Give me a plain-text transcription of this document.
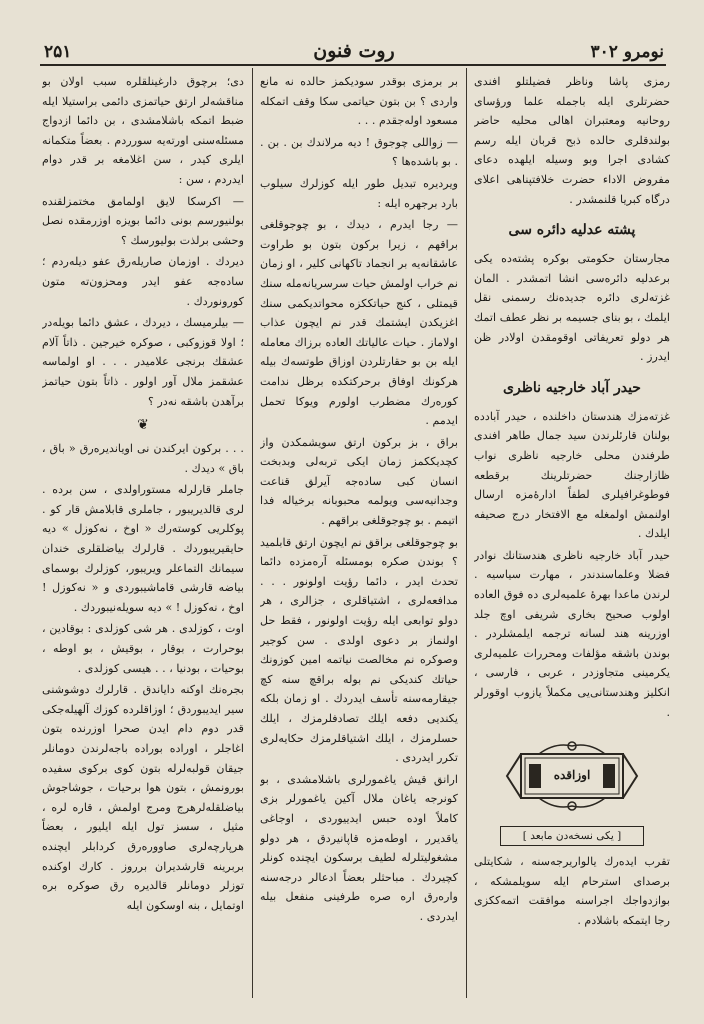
نومرو ۳۰۲
روت فنون
۲۵۱

رمزی پاشا وناظر فضیلتلو افندی حضرتلری ایله باجمله علما ورؤسای روحانیه ومعتبران اهالی محلیه حاضر بولندقلری حالده ذبح قربان ایله رسم کشادی اجرا وبو وسیله ایلهده دعای مفروض الاداء حضرت خلافتپناهی اعلای درگاه کبریا قلنمشدر .

پشته عدلیه دائره سی

مجارستان حکومتی بوکره پشته‌ده یکی برعدلیه دائره‌سی انشا اتمشدر . المان غزته‌لری دائره جدیده‌نك رسمنی نقل ایلمك ، بو بنای جسیمه بر نظر عطف اتمك هر دولو تعریفاتی اوقومقدن اولادر ظن ایدرز .

حیدر آباد خارجیه ناظری

غزته‌مزك هندستان داخلنده ، حیدر آبادده بولنان قارئلرندن سید جمال طاهر افندی طرفندن محلی خارجیه ناظری نواب ظازارجنك حضرتلرینك برقطعه فوطوغرافیلری لطفاً ادارهٔ‌مزه ارسال اولنمش اولمغله مع الافتخار درج صحیفه ایلدك .

حیدر آباد خارجیه ناظری هندستانك نوادر فضلا وعلماسندندر ، مهارت سیاسیه . لرندن ماعدا بهرهٔ علمیه‌لری ده فوق العاده اولوب صحیح بخاری شریفی اوچ جلد اوزرینه هند لسانه ترجمه ایلمشلردر . بوندن باشقه مؤلفات ومحررات علمیه‌لری یکرمینی متجاوزدر ، عربی ، فارسی ، انکلیز وهندستانی‌یی مکملاً یازوب اوقورلر .

اوزاقده
[ یکی نسخه‌دن مابعد ]

تقرب ایدەرك یالواریرجه‌سنه ، شكايتلى برصدای استرحام ایله سویلمشكه ، بوازدواجك اجراسنه موافقت اتمەككزی رجا ایتمكه باشلادم .

بر برمزی بوقدر سودیکمز حالده نه مانع واردی ؟ بن بتون حیاتمی سکا وقف اتمکله مسعود اوله‌جقدم . . .

— زواللی چوجوق ! دیه مرلاندك بن . بن . . بو باشده‌ها ؟

ویردیره تبدیل طور ایله کوزلرك سیلوب بارد برجهره ایله :

— رجا ایدرم ، دیدك ، بو چوجوقلغی براقهم ، زیرا برکون بتون بو طراوت عاشقانه‌یه بر انجماد تاکهانی کلیر ، او زمان نم خراب اولمش حیات سرسریانه‌مله سنك قیمتلی ، کنج حیاتککزه محواتدیکمی سنك اغزیکدن ایشتمك قدر نم ایچون عذاب اولاماز . حیات عالیاتك العاده برزاك معامله ایله بن بو حقارتلردن اوزاق طوتسه‌ك بیله هرکونك اوفاق برحرکتکده برظل ندامت کورەرك مضطرب اولورم ویوکا تحمل ایدمم .

براق ، بز برکون ارتق سویشمکدن واز کچدیککمز زمان ایکی تربه‌لی وبدبخت انسان کبی ساده‌جه آیرلق قناعت وجدانیه‌سی ویولمه محبوبانه برخیاله فدا اتیمم . بو چوجوقلغی براقهم .

بو چوجوقلغی براقق نم ایچون ارتق قابلمید ؟ بوندن صکره بومسئله آره‌مزده دائما تحدث ایدر ، دائما رؤیت اولونور . . . مدافعه‌لری ، اشتیاقلری ، جزالری ، هر دولو توابعی ایله رؤیت اولونور ، فقط حل اولنماز بر دعوی اولدی . سن کوجیر وصوکره نم مخالصت نیاتمه امین کوزونك حیاتك کندیکی نم بوله براقچ سنه کچ جیقارمه‌سنه تأسف ایدردك . او زمان بلکه یکندیی دفعه ایلك تصادفلرمزك ، ایلك حسلرمزك ، ایلك اشتیاقلرمزك حکایه‌لری تکرر ایدردی .

ارانق قیش یاغمورلری باشلامشدی ، بو کونرجه یاغان ملال آکین یاغمورلر بزی کاملاً اوده حبس ایدییوردی ، اوجاغی یاقدیرر ، اوطه‌مزه قاپانیردق ، هر دولو مشغولیتلرله لطیف برسکون ایچنده کونلر کچیردك . مباحثلر بعضاً ادعالر درجه‌سنه وارەرق اره صره طرفینی منفعل بیله ایدردی .

دی؛ برچوق دارغینلقلره سبب اولان بو مناقشه‌لر ارتق حیاتمزی دائمی براستیلا ایله ضبط اتمکه باشلامشدی ، بن دائما ازدواج مسئله‌سنی اورته‌یه سورردم . بعضاً متکمانه ایلری کیدر ، سن اغلامغه بر قدر دوام ایدردم ، سن :

— اکرسکا لایق اولمامق مختمزلقنده بولنیورسم بونی دائما بویزه اوزرمقده نصل وحشی برلذت بولیورسك ؟

دیردك . اوزمان صاریلەرق عفو دیلەردم ؛ ساده‌جه عفو ایدر ومحزون‌ته متون کورونوردك .

— بیلرمیسك ، دیردك ، عشق دائما بویله‌در ؛ اولا قوزوکبی ، صوکره خیرجین . ذاتاً آلام عشقك برنجی علامیدر . . . او اولماسه عشقمز ملال آور اولور . ذاتاً بتون حیاتمز برآهدن باشقه نه‌در ؟

❦

. . . برکون ایرکندن نی اویاندیرەرق « باق ، باق » دیدك .

جاملر قارلرله مستوراولدی ، سن برده . لری قالدیریبور ، جاملری قابلامش قار کو . پوکلریی کوستەرك « اوخ ، نه‌کوزل » دیه حایقیریبوردك . قارلرك بیاضلقلری خندان سیمانك التماعلر ویریبور، کوزلرك بوسمای بیاضه قارشی قاماشیبوردی و « نه‌کوزل ! اوخ ، نه‌کوزل ! » دیه سویلەنیبوردك .

اوت ، کوزلدی . هر شی کوزلدی : بوقادین ، بوحرارت ، بوقار ، بوقیش ، بو اوطه ، بوحیات ، بودنیا ، . . هیسی کوزلدی .

بجره‌نك اوکنه دایاندق . قارلرك دوشوشنی سیر ایدیبوردق ؛ اوزاقلرده کوزك آلهیلەجکی قدر دوم دام ایدن صحرا اوزرنده بتون اغاجلر ، اوراده بوراده باجه‌لرندن دومانلر جیقان قولبه‌لرله بتون کوی برکوی سفیده بورونمش ، بتون هوا برحیات ، جوشاجوش بیاضلقله‌لرهرج ومرج اولمش ، قاره لرە ، مثیل ، سسز تول ایله ایلیور ، بعضاً هر‌پارچه‌لری صاووره‌رق کردابلر ایچنده بربرینه قارشدیران برروز . کارك اوکنده توزلر دومانلر قالدیره رق صوکره بره اوتمایل ، بنه اوسکون ایله
